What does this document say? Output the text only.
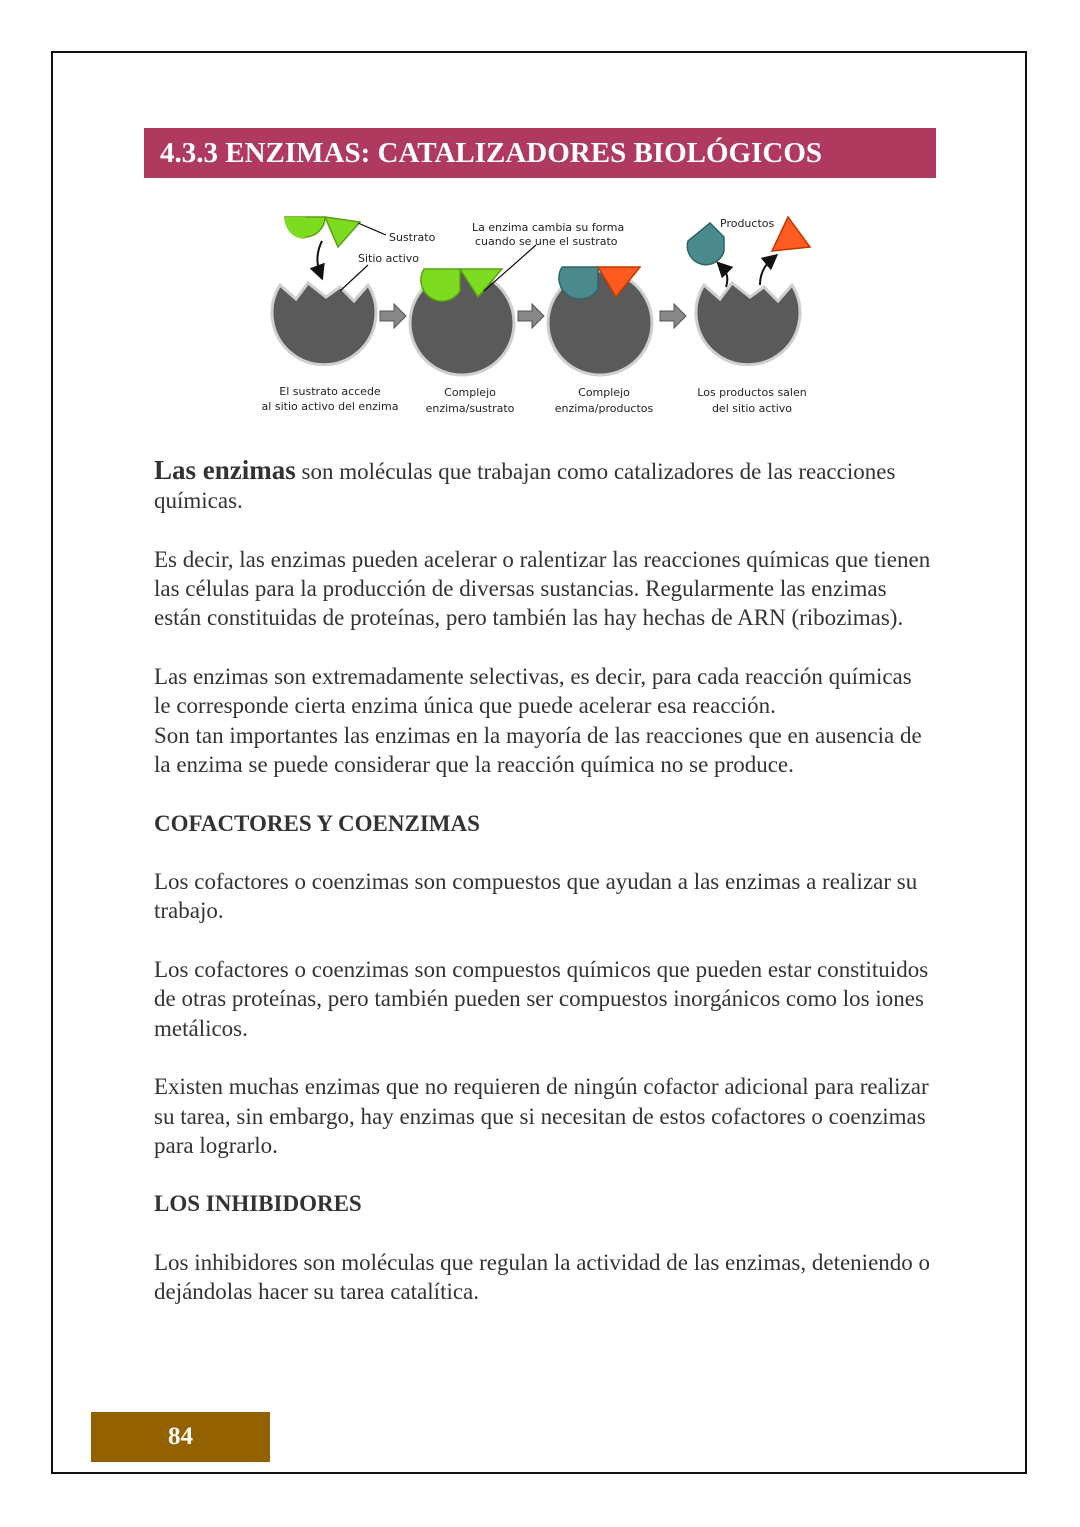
4.3.3 ENZIMAS: CATALIZADORES BIOLÓGICOS
Sustrato
Sitio activo
La enzima cambia su forma
cuando se une el sustrato
Productos
El sustrato accede
al sitio activo del enzima
Complejo
enzima/sustrato
Complejo
enzima/productos
Los productos salen
del sitio activo

Las enzimas son moléculas que trabajan como catalizadores de las reacciones químicas.

Es decir, las enzimas pueden acelerar o ralentizar las reacciones químicas que tienen las células para la producción de diversas sustancias. Regularmente las enzimas están constituidas de proteínas, pero también las hay hechas de ARN (ribozimas).

Las enzimas son extremadamente selectivas, es decir, para cada reacción químicas le corresponde cierta enzima única que puede acelerar esa reacción.

Son tan importantes las enzimas en la mayoría de las reacciones que en ausencia de la enzima se puede considerar que la reacción química no se produce.

COFACTORES Y COENZIMAS

Los cofactores o coenzimas son compuestos que ayudan a las enzimas a realizar su trabajo.

Los cofactores o coenzimas son compuestos químicos que pueden estar constituidos de otras proteínas, pero también pueden ser compuestos inorgánicos como los iones metálicos.

Existen muchas enzimas que no requieren de ningún cofactor adicional para realizar su tarea, sin embargo, hay enzimas que si necesitan de estos cofactores o coenzimas para lograrlo.

LOS INHIBIDORES

Los inhibidores son moléculas que regulan la actividad de las enzimas, deteniendo o dejándolas hacer su tarea catalítica.

84
